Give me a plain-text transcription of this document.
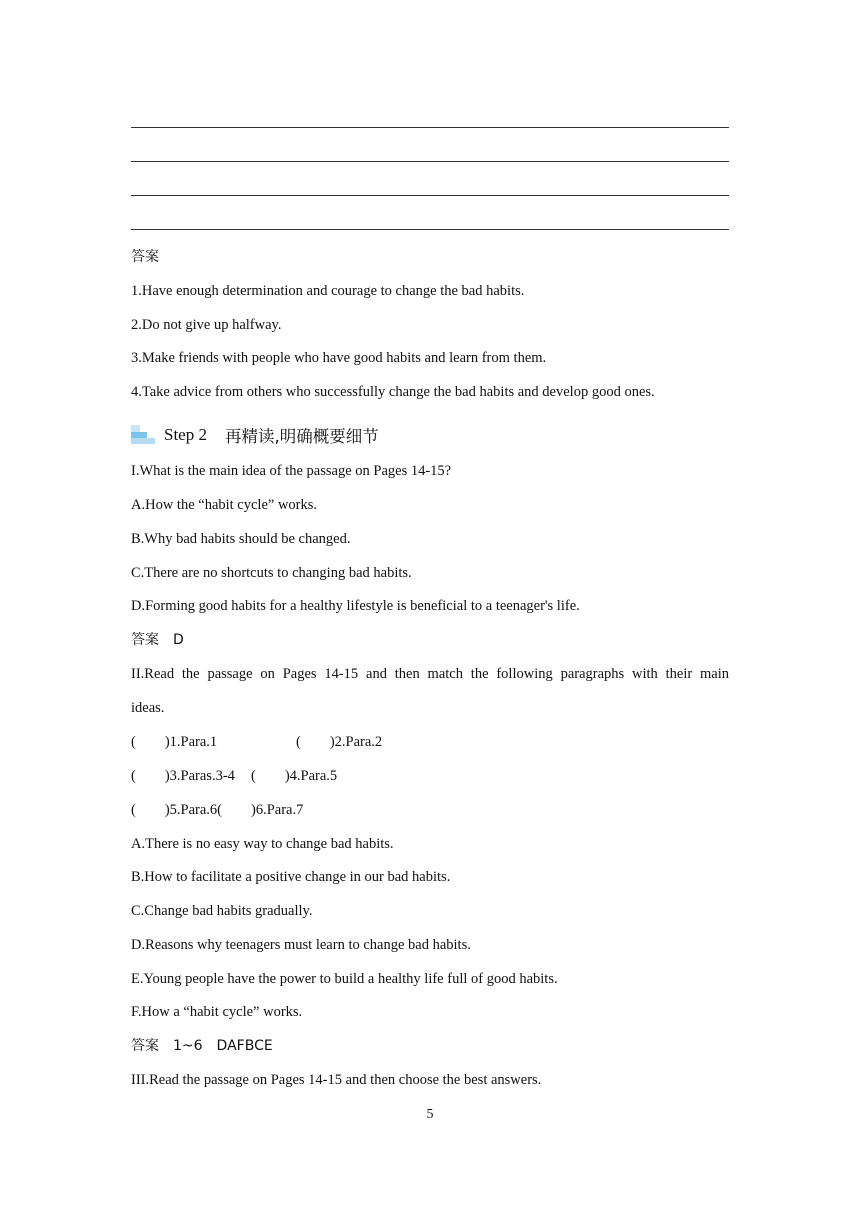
答案
1.Have enough determination and courage to change the bad habits.
2.Do not give up halfway.
3.Make friends with people who have good habits and learn from them.
4.Take advice from others who successfully change the bad habits and develop good ones.
Step 2 再精读,明确概要细节
I.What is the main idea of the passage on Pages 14-15?
A.How the “habit cycle” works.
B.Why bad habits should be changed.
C.There are no shortcuts to changing bad habits.
D.Forming good habits for a healthy lifestyle is beneficial to a teenager's life.
答案　D
II.Read the passage on Pages 14-15 and then match the following paragraphs with their main
ideas.
(　　)1.Para.1	(　　)2.Para.2
(　　)3.Paras.3-4 (　　)4.Para.5
(　　)5.Para.6(　　)6.Para.7
A.There is no easy way to change bad habits.
B.How to facilitate a positive change in our bad habits.
C.Change bad habits gradually.
D.Reasons why teenagers must learn to change bad habits.
E.Young people have the power to build a healthy life full of good habits.
F.How a “habit cycle” works.
答案　1~6　DAFBCE
III.Read the passage on Pages 14-15 and then choose the best answers.
5
